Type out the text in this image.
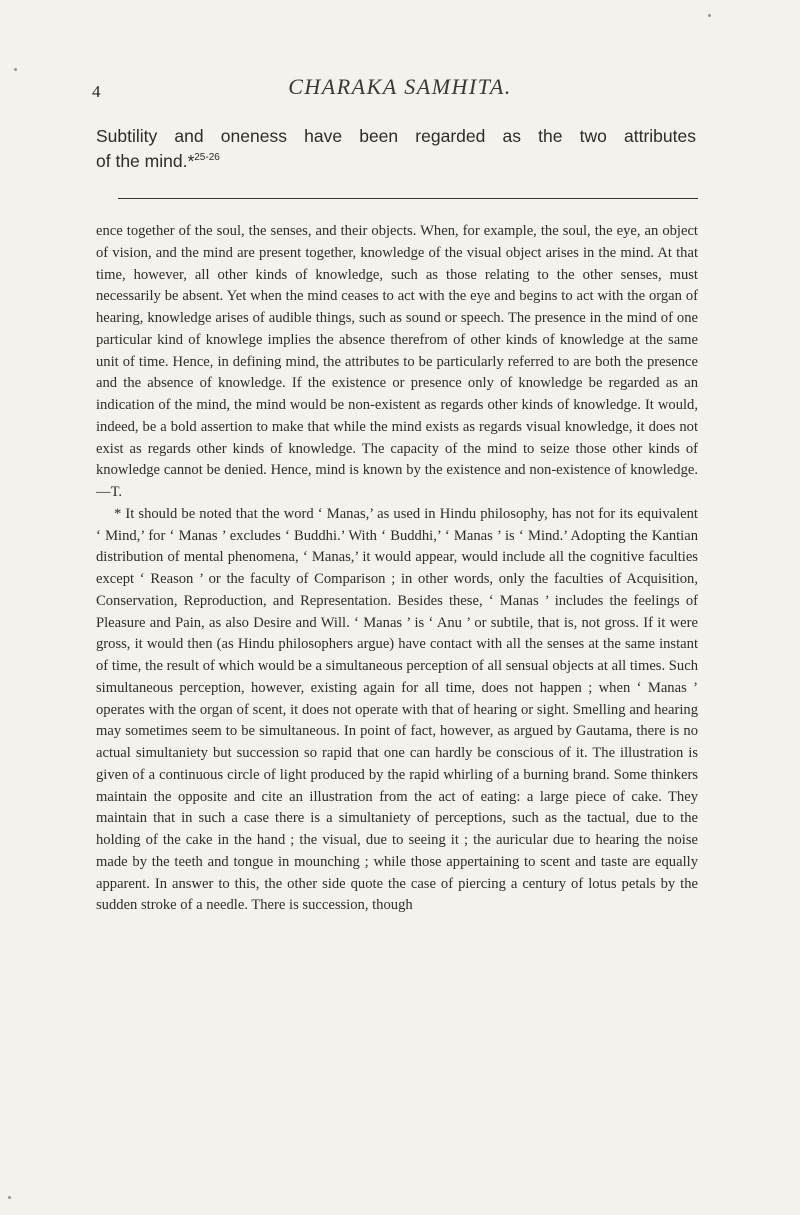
4	CHARAKA SAMHITA.
Subtility and oneness have been regarded as the two attributes
of the mind.*$^{25-26}$

ence together of the soul, the senses, and their objects. When, for example, the soul, the eye, an object of vision, and the mind are present together, knowledge of the visual object arises in the mind. At that time, however, all other kinds of knowledge, such as those relating to the other senses, must necessarily be absent. Yet when the mind ceases to act with the eye and begins to act with the organ of hearing, knowledge arises of audible things, such as sound or speech. The presence in the mind of one particular kind of knowlege implies the absence therefrom of other kinds of knowledge at the same unit of time. Hence, in defining mind, the attributes to be particularly referred to are both the presence and the absence of knowledge. If the existence or presence only of knowledge be regarded as an indication of the mind, the mind would be non-existent as regards other kinds of knowledge. It would, indeed, be a bold assertion to make that while the mind exists as regards visual knowledge, it does not exist as regards other kinds of knowledge. The capacity of the mind to seize those other kinds of knowledge cannot be denied. Hence, mind is known by the existence and non-existence of knowledge.—T.

* It should be noted that the word ‘ Manas,’ as used in Hindu philosophy, has not for its equivalent ‘ Mind,’ for ‘ Manas ’ excludes ‘ Buddhi.’ With ‘ Buddhi,’ ‘ Manas ’ is ‘ Mind.’ Adopting the Kantian distribution of mental phenomena, ‘ Manas,’ it would appear, would include all the cognitive faculties except ‘ Reason ’ or the faculty of Comparison ; in other words, only the faculties of Acquisition, Conservation, Reproduction, and Representation. Besides these, ‘ Manas ’ includes the feelings of Pleasure and Pain, as also Desire and Will. ‘ Manas ’ is ‘ Anu ’ or subtile, that is, not gross. If it were gross, it would then (as Hindu philosophers argue) have contact with all the senses at the same instant of time, the result of which would be a simultaneous perception of all sensual objects at all times. Such simultaneous perception, however, existing again for all time, does not happen ; when ‘ Manas ’ operates with the organ of scent, it does not operate with that of hearing or sight. Smelling and hearing may sometimes seem to be simultaneous. In point of fact, however, as argued by Gautama, there is no actual simultaniety but succession so rapid that one can hardly be conscious of it. The illustration is given of a continuous circle of light produced by the rapid whirling of a burning brand. Some thinkers maintain the opposite and cite an illustration from the act of eating: a large piece of cake. They maintain that in such a case there is a simultaniety of perceptions, such as the tactual, due to the holding of the cake in the hand ; the visual, due to seeing it ; the auricular due to hearing the noise made by the teeth and tongue in mounching ; while those appertaining to scent and taste are equally apparent. In answer to this, the other side quote the case of piercing a century of lotus petals by the sudden stroke of a needle. There is succession, though
